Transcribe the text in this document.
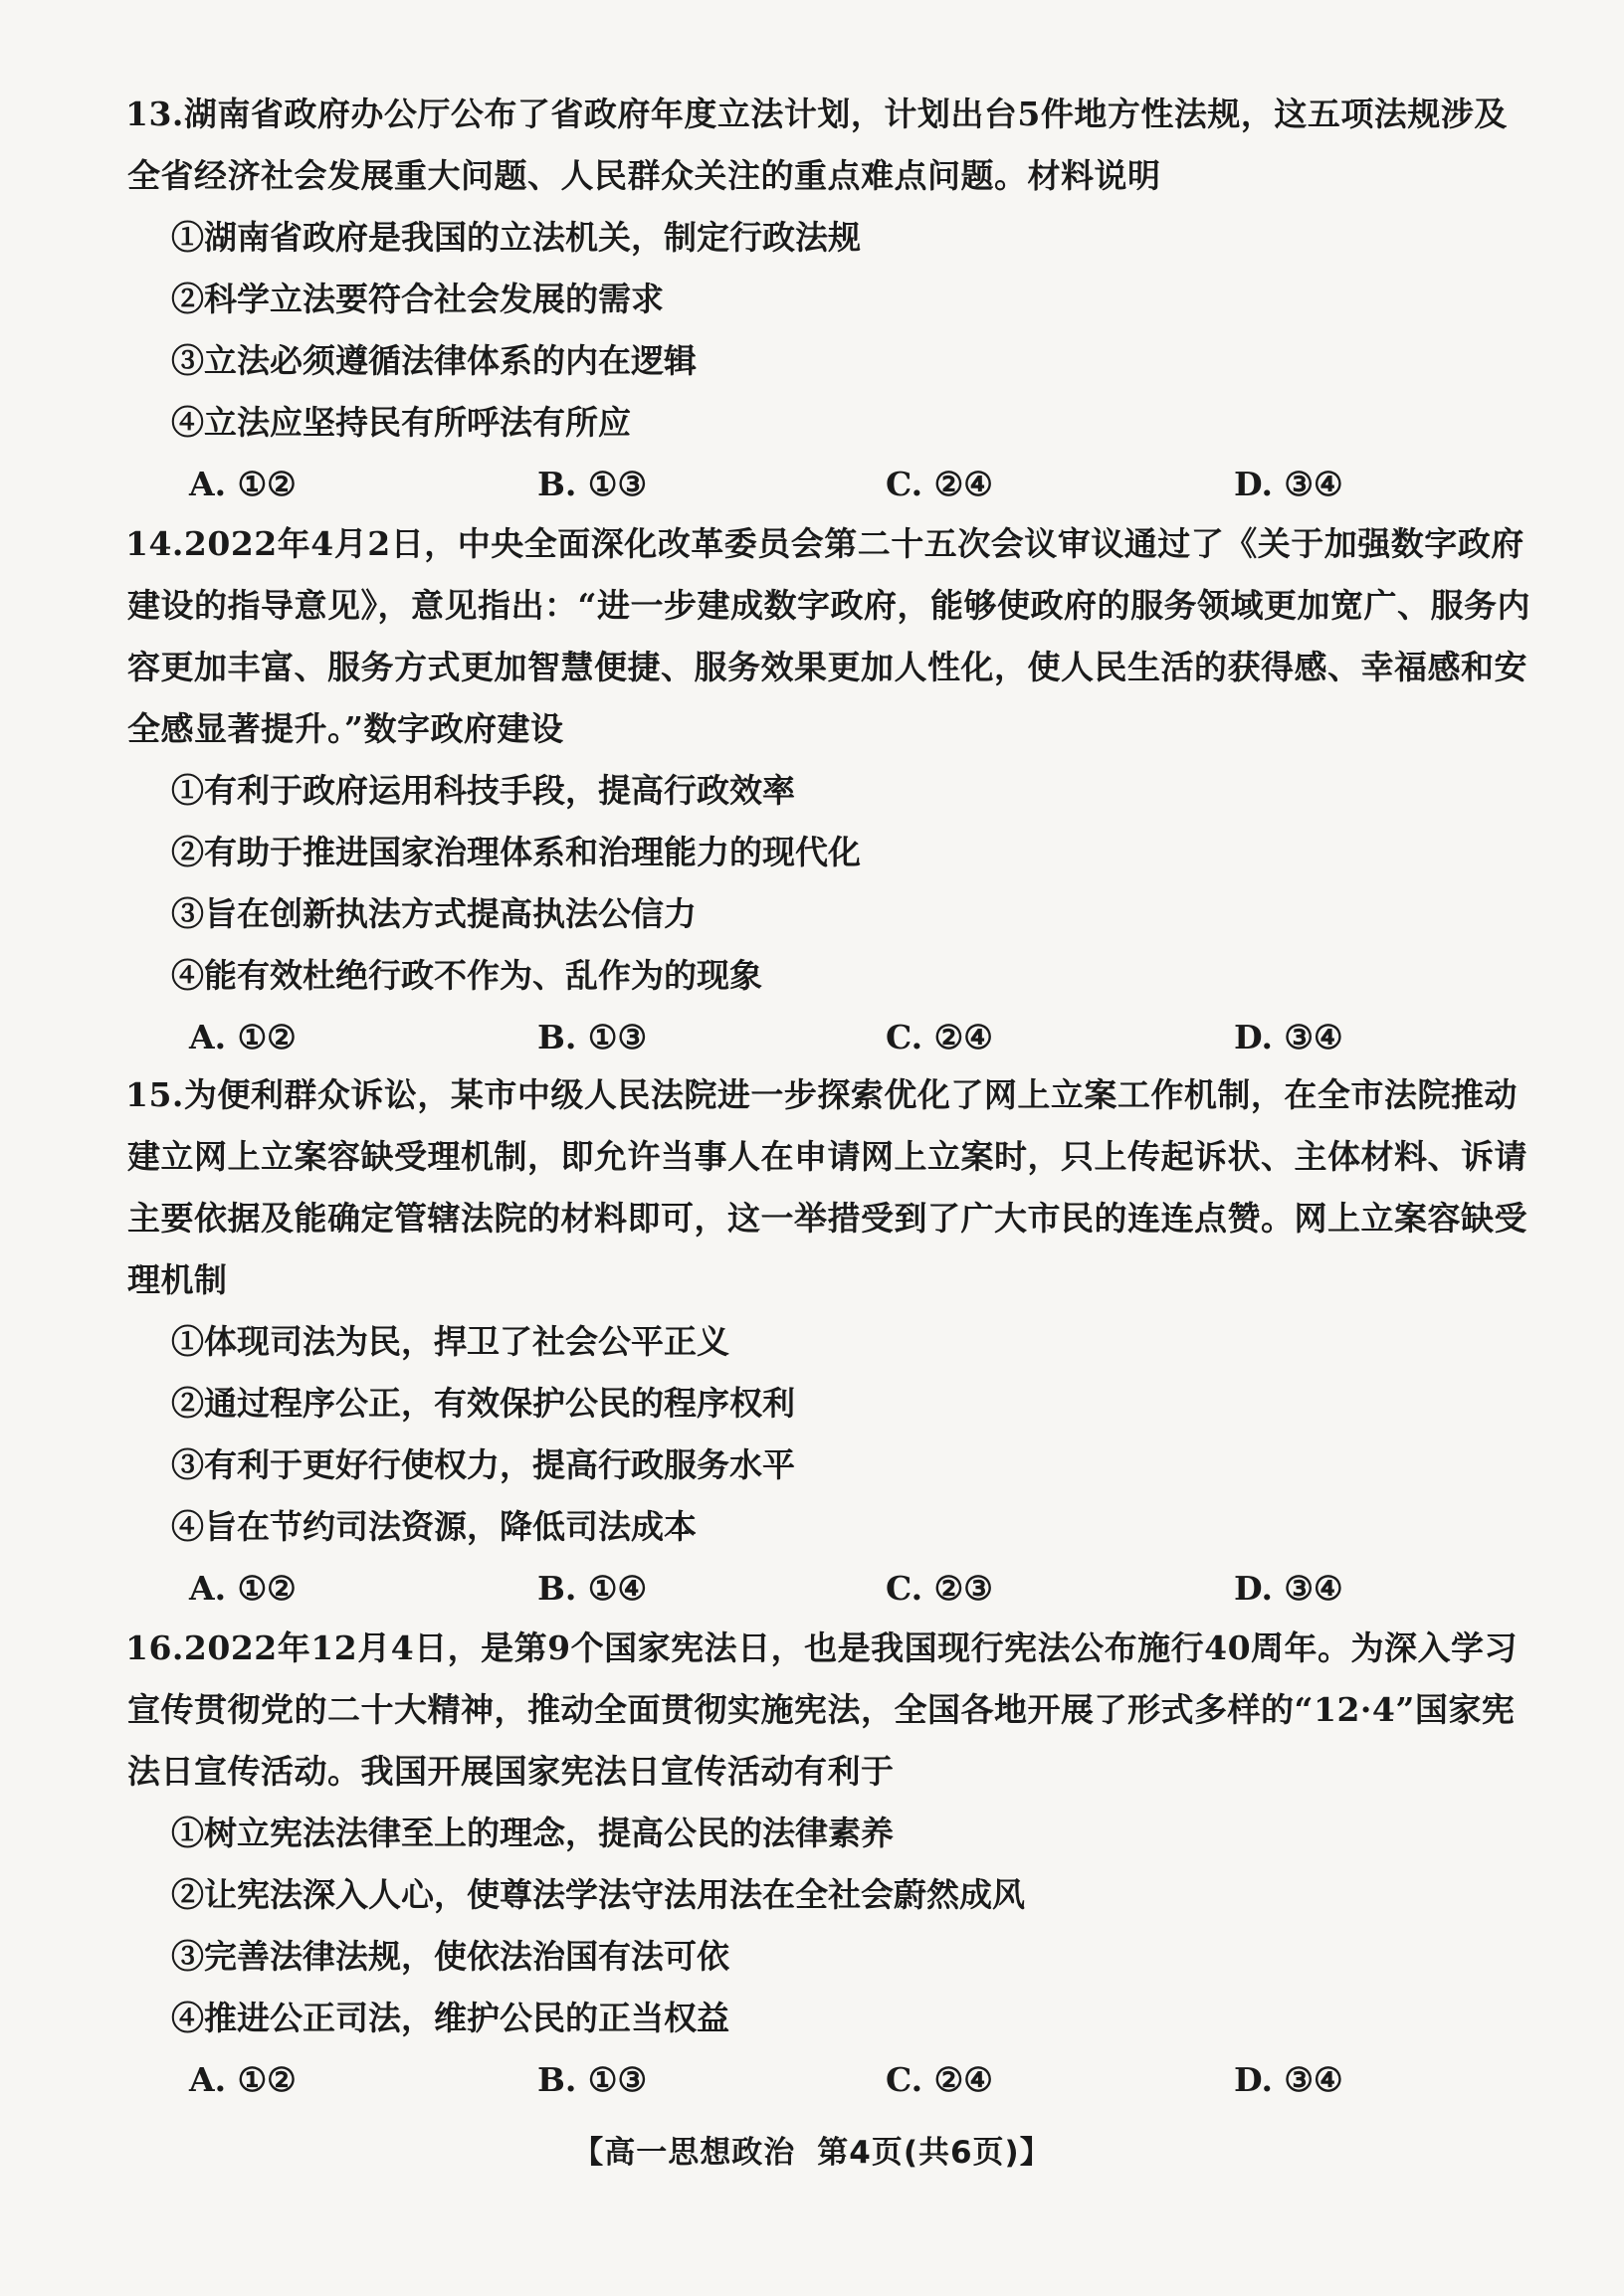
13.湖南省政府办公厅公布了省政府年度立法计划，计划出台5件地方性法规，这五项法规涉及全省经济社会发展重大问题、人民群众关注的重点难点问题。材料说明

①湖南省政府是我国的立法机关，制定行政法规

②科学立法要符合社会发展的需求

③立法必须遵循法律体系的内在逻辑

④立法应坚持民有所呼法有所应

A. ①②	B. ①③	C. ②④	D. ③④

14.2022年4月2日，中央全面深化改革委员会第二十五次会议审议通过了《关于加强数字政府建设的指导意见》，意见指出：“进一步建成数字政府，能够使政府的服务领域更加宽广、服务内容更加丰富、服务方式更加智慧便捷、服务效果更加人性化，使人民生活的获得感、幸福感和安全感显著提升。”数字政府建设

①有利于政府运用科技手段，提高行政效率

②有助于推进国家治理体系和治理能力的现代化

③旨在创新执法方式提高执法公信力

④能有效杜绝行政不作为、乱作为的现象

A. ①②	B. ①③	C. ②④	D. ③④

15.为便利群众诉讼，某市中级人民法院进一步探索优化了网上立案工作机制，在全市法院推动建立网上立案容缺受理机制，即允许当事人在申请网上立案时，只上传起诉状、主体材料、诉请主要依据及能确定管辖法院的材料即可，这一举措受到了广大市民的连连点赞。网上立案容缺受理机制

①体现司法为民，捍卫了社会公平正义

②通过程序公正，有效保护公民的程序权利

③有利于更好行使权力，提高行政服务水平

④旨在节约司法资源，降低司法成本

A. ①②	B. ①④	C. ②③	D. ③④

16.2022年12月4日，是第9个国家宪法日，也是我国现行宪法公布施行40周年。为深入学习宣传贯彻党的二十大精神，推动全面贯彻实施宪法，全国各地开展了形式多样的“12·4”国家宪法日宣传活动。我国开展国家宪法日宣传活动有利于

①树立宪法法律至上的理念，提高公民的法律素养

②让宪法深入人心，使尊法学法守法用法在全社会蔚然成风

③完善法律法规，使依法治国有法可依

④推进公正司法，维护公民的正当权益

A. ①②	B. ①③	C. ②④	D. ③④
【高一思想政治 第4页(共6页)】
